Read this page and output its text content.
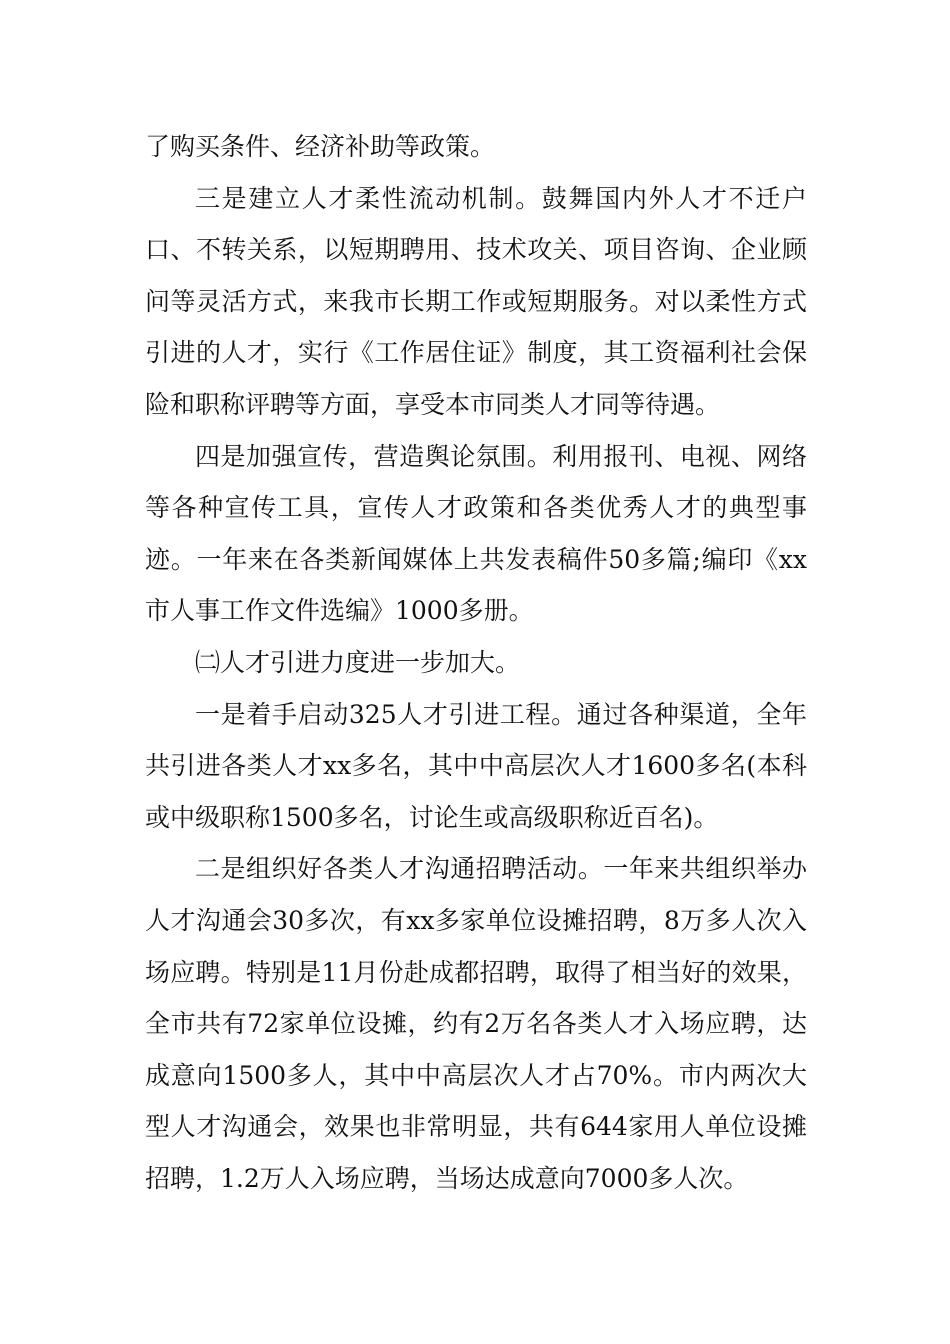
了购买条件、经济补助等政策。

三是建立人才柔性流动机制。鼓舞国内外人才不迁户口、不转关系，以短期聘用、技术攻关、项目咨询、企业顾问等灵活方式，来我市长期工作或短期服务。对以柔性方式引进的人才，实行《工作居住证》制度，其工资福利社会保险和职称评聘等方面，享受本市同类人才同等待遇。

四是加强宣传，营造舆论氛围。利用报刊、电视、网络等各种宣传工具，宣传人才政策和各类优秀人才的典型事迹。一年来在各类新闻媒体上共发表稿件50多篇;编印《xx市人事工作文件选编》1000多册。

㈡人才引进力度进一步加大。

一是着手启动325人才引进工程。通过各种渠道，全年共引进各类人才xx多名，其中中高层次人才1600多名(本科或中级职称1500多名，讨论生或高级职称近百名)。

二是组织好各类人才沟通招聘活动。一年来共组织举办人才沟通会30多次，有xx多家单位设摊招聘，8万多人次入场应聘。特别是11月份赴成都招聘，取得了相当好的效果，全市共有72家单位设摊，约有2万名各类人才入场应聘，达成意向1500多人，其中中高层次人才占70%。市内两次大型人才沟通会，效果也非常明显，共有644家用人单位设摊招聘，1.2万人入场应聘，当场达成意向7000多人次。
